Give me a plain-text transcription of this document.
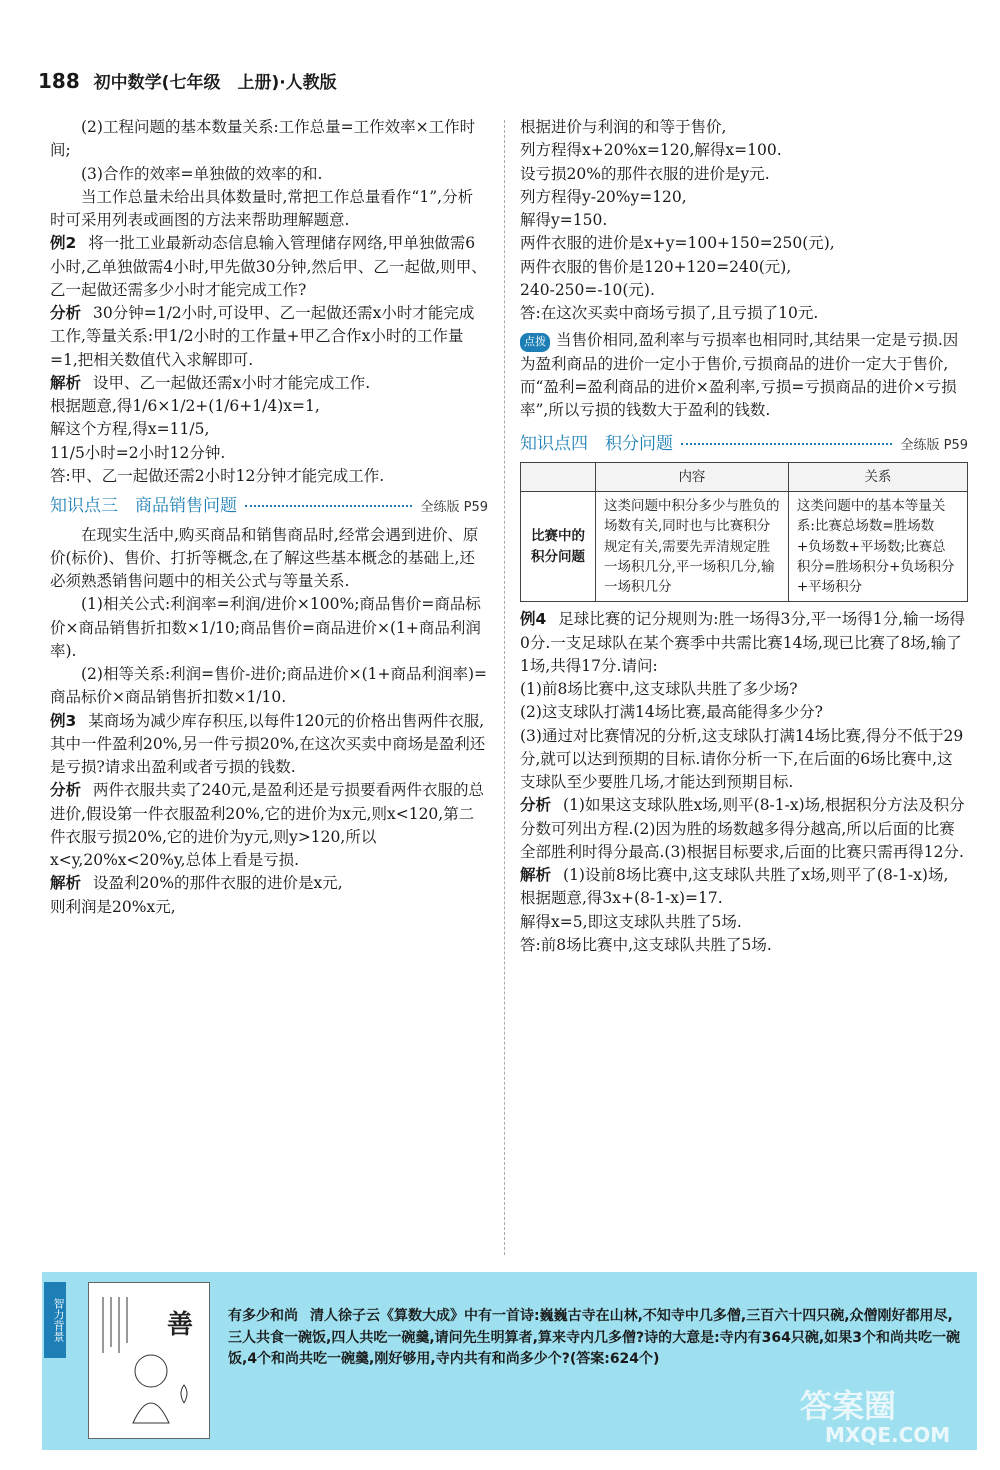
188 初中数学(七年级　上册)·人教版

(2)工程问题的基本数量关系:工作总量=工作效率×工作时间;

(3)合作的效率=单独做的效率的和.

当工作总量未给出具体数量时,常把工作总量看作“1”,分析时可采用列表或画图的方法来帮助理解题意.

例2 将一批工业最新动态信息输入管理储存网络,甲单独做需6小时,乙单独做需4小时,甲先做30分钟,然后甲、乙一起做,则甲、乙一起做还需多少小时才能完成工作?

分析 30分钟=1/2小时,可设甲、乙一起做还需x小时才能完成工作,等量关系:甲1/2小时的工作量+甲乙合作x小时的工作量=1,把相关数值代入求解即可.

解析 设甲、乙一起做还需x小时才能完成工作.

根据题意,得1/6×1/2+(1/6+1/4)x=1,

解这个方程,得x=11/5,

11/5小时=2小时12分钟.

答:甲、乙一起做还需2小时12分钟才能完成工作.

知识点三　商品销售问题	全练版 P59

在现实生活中,购买商品和销售商品时,经常会遇到进价、原价(标价)、售价、打折等概念,在了解这些基本概念的基础上,还必须熟悉销售问题中的相关公式与等量关系.

(1)相关公式:利润率=利润/进价×100%;商品售价=商品标价×商品销售折扣数×1/10;商品售价=商品进价×(1+商品利润率).

(2)相等关系:利润=售价-进价;商品进价×(1+商品利润率)=商品标价×商品销售折扣数×1/10.

例3 某商场为减少库存积压,以每件120元的价格出售两件衣服,其中一件盈利20%,另一件亏损20%,在这次买卖中商场是盈利还是亏损?请求出盈利或者亏损的钱数.

分析 两件衣服共卖了240元,是盈利还是亏损要看两件衣服的总进价,假设第一件衣服盈利20%,它的进价为x元,则x<120,第二件衣服亏损20%,它的进价为y元,则y>120,所以x<y,20%x<20%y,总体上看是亏损.

解析 设盈利20%的那件衣服的进价是x元,

则利润是20%x元,

根据进价与利润的和等于售价,

列方程得x+20%x=120,解得x=100.

设亏损20%的那件衣服的进价是y元.

列方程得y-20%y=120,

解得y=150.

两件衣服的进价是x+y=100+150=250(元),

两件衣服的售价是120+120=240(元),

240-250=-10(元).

答:在这次买卖中商场亏损了,且亏损了10元.

点拨 当售价相同,盈利率与亏损率也相同时,其结果一定是亏损.因为盈利商品的进价一定小于售价,亏损商品的进价一定大于售价,而“盈利=盈利商品的进价×盈利率,亏损=亏损商品的进价×亏损率”,所以亏损的钱数大于盈利的钱数.

知识点四　积分问题	全练版 P59
	内容	关系
比赛中的积分问题	这类问题中积分多少与胜负的场数有关,同时也与比赛积分规定有关,需要先弄清规定胜一场积几分,平一场积几分,输一场积几分	这类问题中的基本等量关系:比赛总场数=胜场数+负场数+平场数;比赛总积分=胜场积分+负场积分+平场积分

例4 足球比赛的记分规则为:胜一场得3分,平一场得1分,输一场得0分.一支足球队在某个赛季中共需比赛14场,现已比赛了8场,输了1场,共得17分.请问:

(1)前8场比赛中,这支球队共胜了多少场?

(2)这支球队打满14场比赛,最高能得多少分?

(3)通过对比赛情况的分析,这支球队打满14场比赛,得分不低于29分,就可以达到预期的目标.请你分析一下,在后面的6场比赛中,这支球队至少要胜几场,才能达到预期目标.

分析 (1)如果这支球队胜x场,则平(8-1-x)场,根据积分方法及积分分数可列出方程.(2)因为胜的场数越多得分越高,所以后面的比赛全部胜利时得分最高.(3)根据目标要求,后面的比赛只需再得12分.

解析 (1)设前8场比赛中,这支球队共胜了x场,则平了(8-1-x)场,

根据题意,得3x+(8-1-x)=17.

解得x=5,即这支球队共胜了5场.

答:前8场比赛中,这支球队共胜了5场.

智力背景	善 有多少和尚 清人徐子云《算数大成》中有一首诗:巍巍古寺在山林,不知寺中几多僧,三百六十四只碗,众僧刚好都用尽,三人共食一碗饭,四人共吃一碗羹,请问先生明算者,算来寺内几多僧?诗的大意是:寺内有364只碗,如果3个和尚共吃一碗饭,4个和尚共吃一碗羹,刚好够用,寺内共有和尚多少个?(答案:624个)
答案圈
MXQE.COM
